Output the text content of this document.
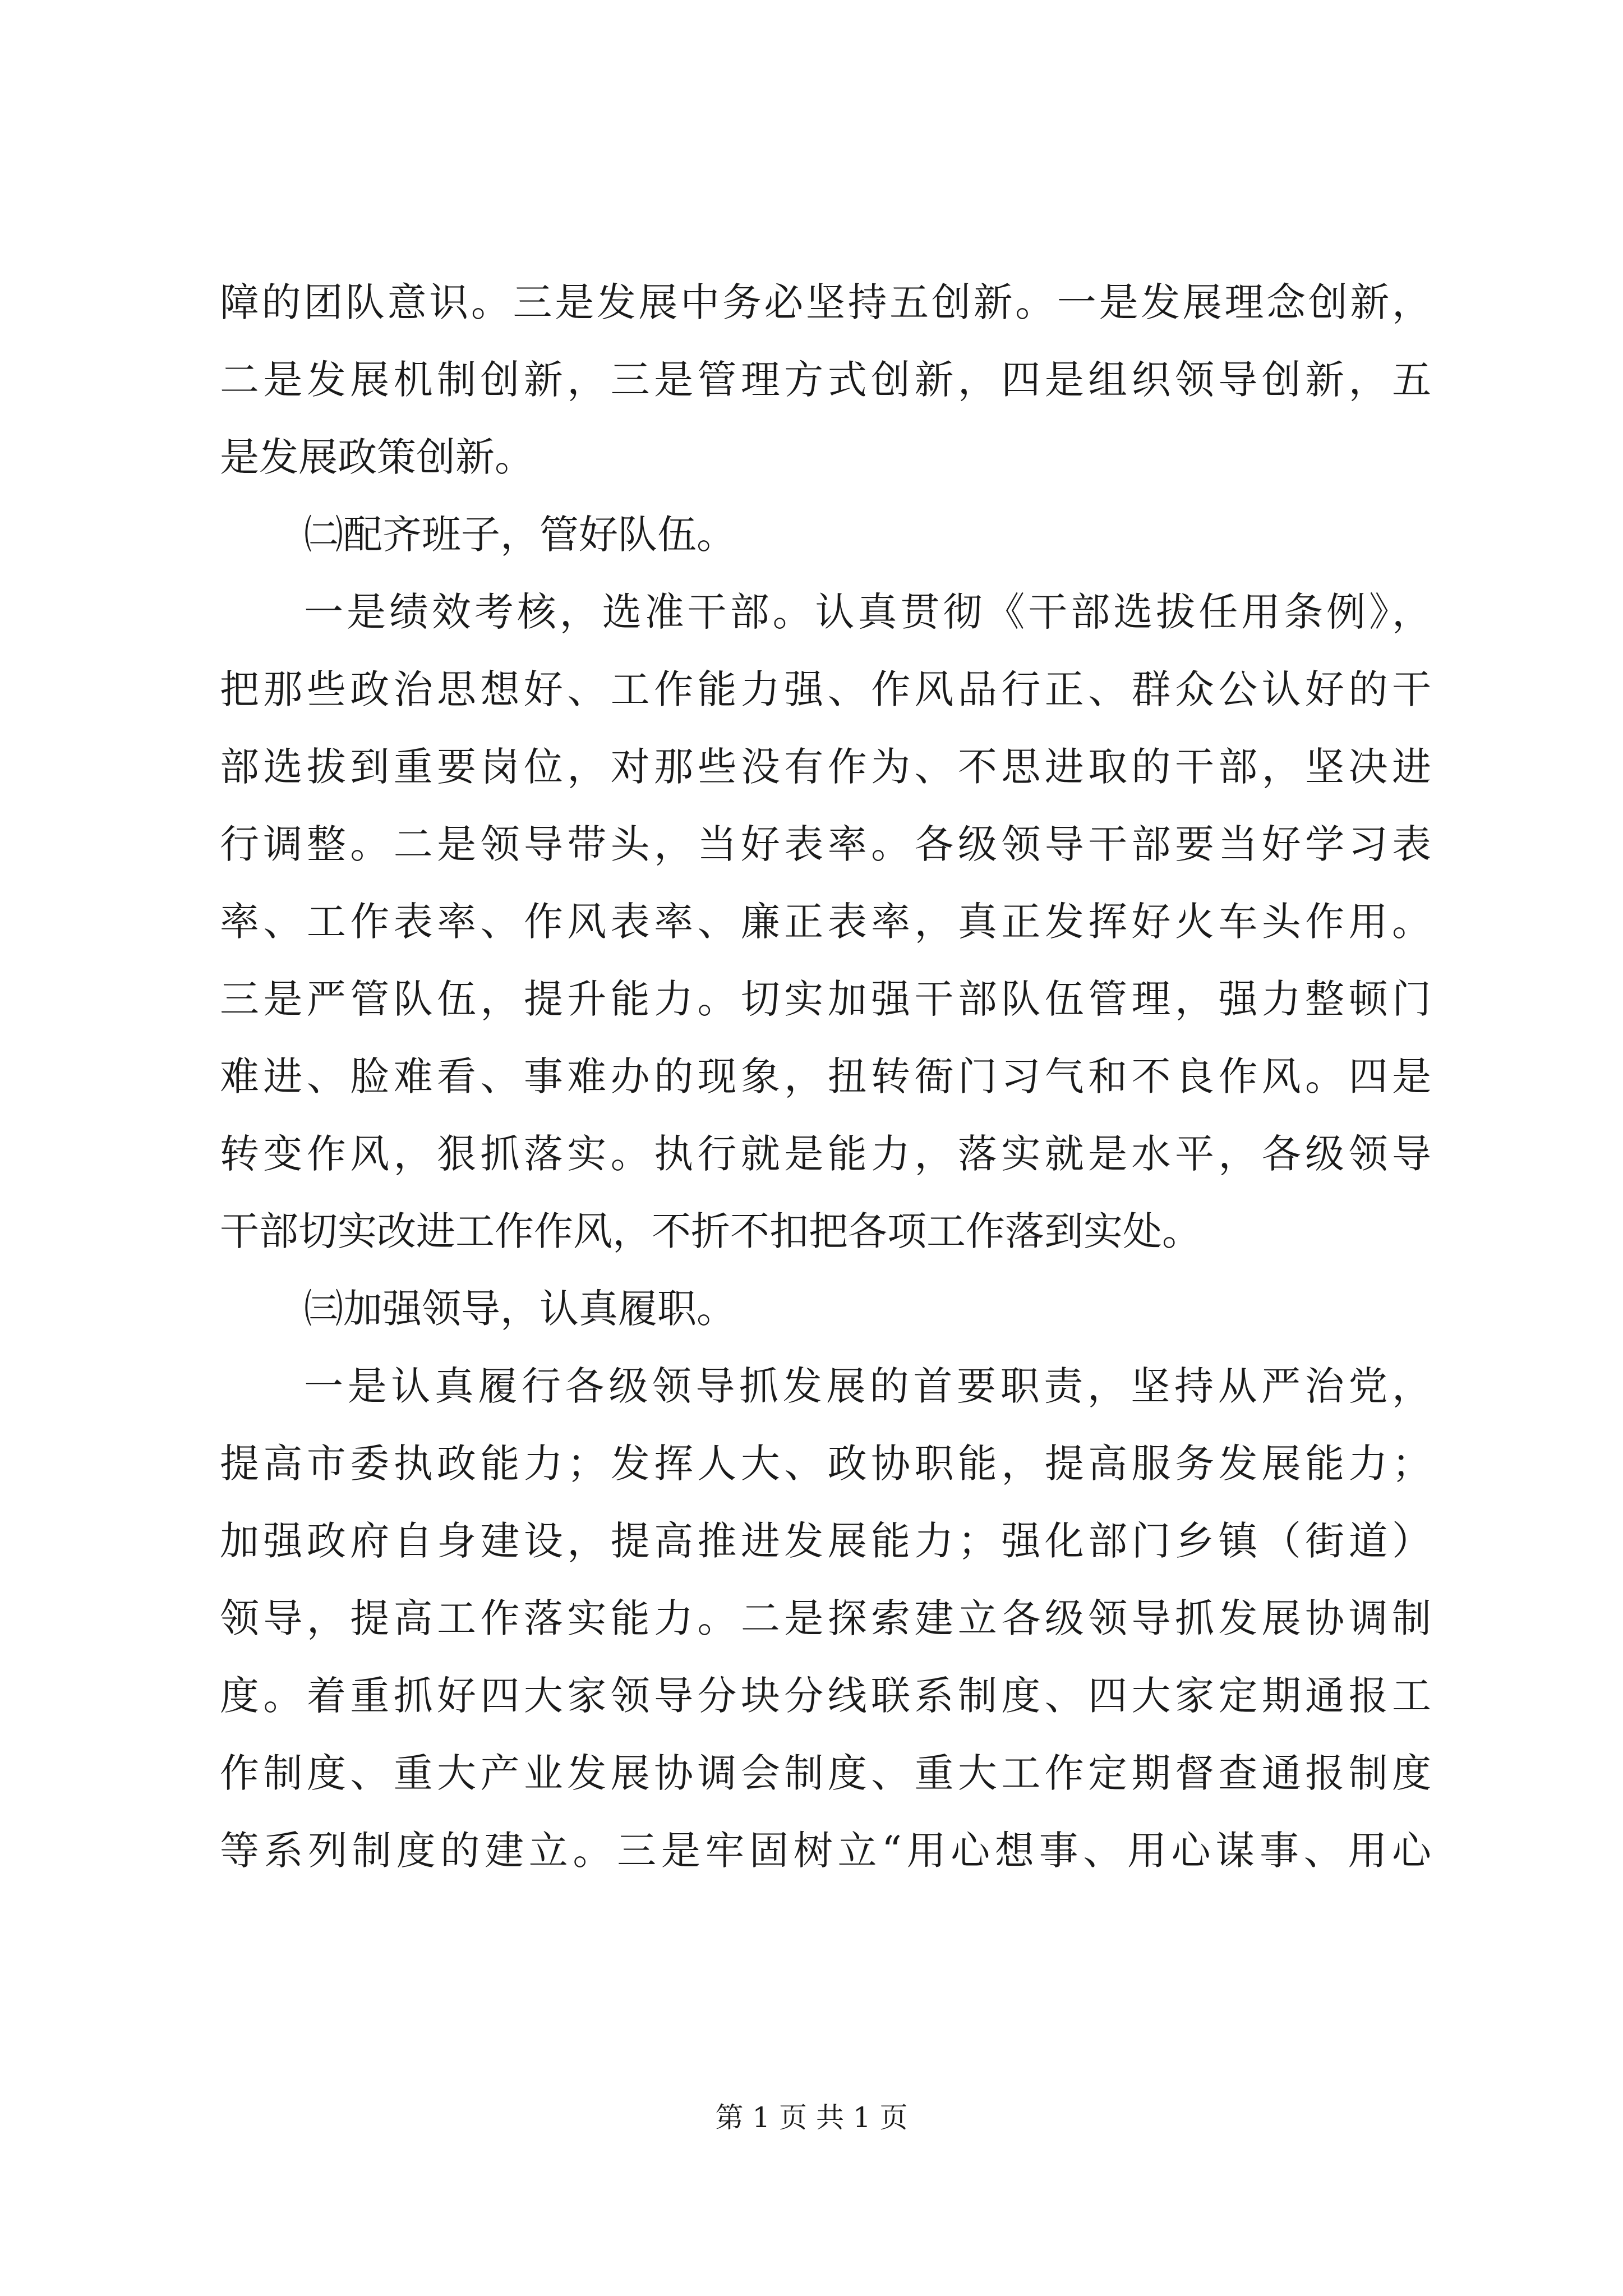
障的团队意识。三是发展中务必坚持五创新。一是发展理念创新，
二是发展机制创新，三是管理方式创新，四是组织领导创新，五
是发展政策创新。
㈡配齐班子，管好队伍。
一是绩效考核，选准干部。认真贯彻《干部选拔任用条例》，
把那些政治思想好、工作能力强、作风品行正、群众公认好的干
部选拔到重要岗位，对那些没有作为、不思进取的干部，坚决进
行调整。二是领导带头，当好表率。各级领导干部要当好学习表
率、工作表率、作风表率、廉正表率，真正发挥好火车头作用。
三是严管队伍，提升能力。切实加强干部队伍管理，强力整顿门
难进、脸难看、事难办的现象，扭转衙门习气和不良作风。四是
转变作风，狠抓落实。执行就是能力，落实就是水平，各级领导
干部切实改进工作作风，不折不扣把各项工作落到实处。
㈢加强领导，认真履职。
一是认真履行各级领导抓发展的首要职责，坚持从严治党，
提高市委执政能力；发挥人大、政协职能，提高服务发展能力；
加强政府自身建设，提高推进发展能力；强化部门乡镇（街道）
领导，提高工作落实能力。二是探索建立各级领导抓发展协调制
度。着重抓好四大家领导分块分线联系制度、四大家定期通报工
作制度、重大产业发展协调会制度、重大工作定期督查通报制度
等系列制度的建立。三是牢固树立“用心想事、用心谋事、用心
第 1 页 共 1 页
